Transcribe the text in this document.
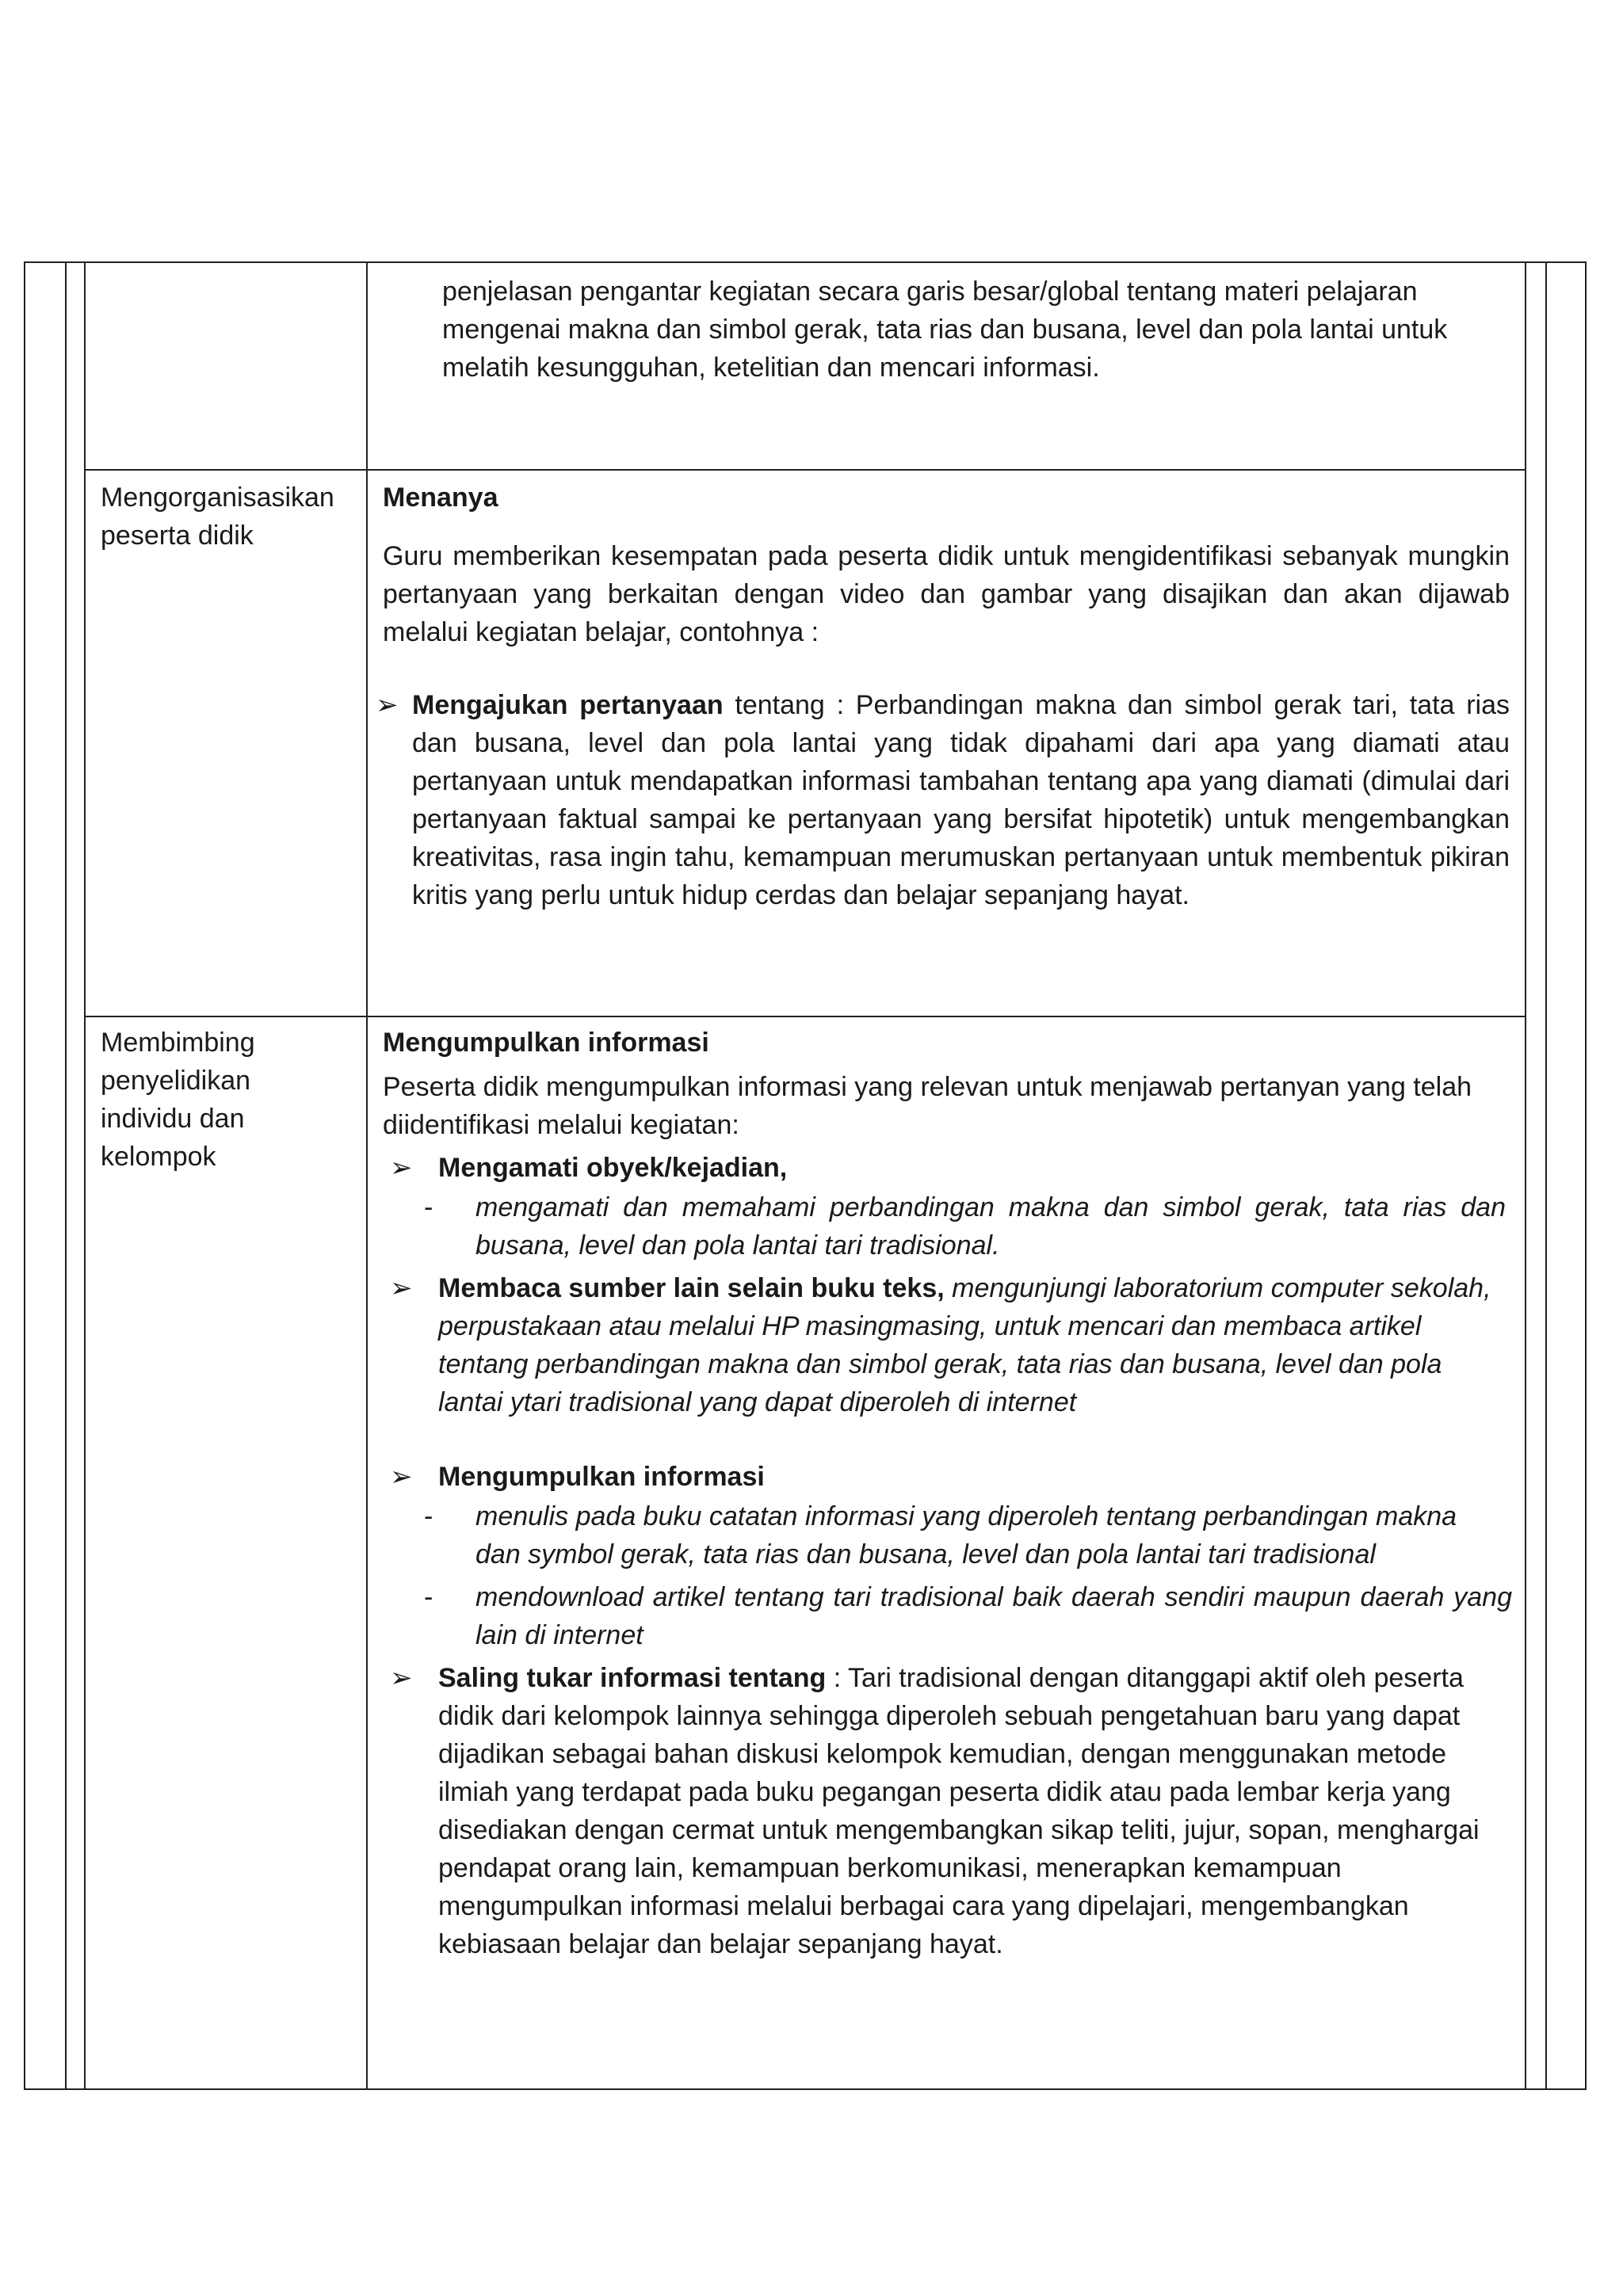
penjelasan pengantar kegiatan secara garis besar/global tentang materi pelajaran mengenai makna dan simbol gerak, tata rias dan busana, level dan pola lantai untuk melatih kesungguhan, ketelitian dan mencari informasi.
Mengorganisasikan peserta didik
Menanya
Guru memberikan kesempatan pada peserta didik untuk mengidentifikasi sebanyak mungkin pertanyaan yang berkaitan dengan video dan gambar yang disajikan dan akan dijawab melalui kegiatan belajar, contohnya :
➢ Mengajukan pertanyaan tentang : Perbandingan makna dan simbol gerak tari, tata rias dan busana, level dan pola lantai yang tidak dipahami dari apa yang diamati atau pertanyaan untuk mendapatkan informasi tambahan tentang apa yang diamati (dimulai dari pertanyaan faktual sampai ke pertanyaan yang bersifat hipotetik) untuk mengembangkan kreativitas, rasa ingin tahu, kemampuan merumuskan pertanyaan untuk membentuk pikiran kritis yang perlu untuk hidup cerdas dan belajar sepanjang hayat.
Membimbing
penyelidikan
individu dan
kelompok
Mengumpulkan informasi
Peserta didik mengumpulkan informasi yang relevan untuk menjawab pertanyan yang telah diidentifikasi melalui kegiatan:
➢ Mengamati obyek/kejadian,
- mengamati dan memahami perbandingan makna dan simbol gerak, tata rias dan busana, level dan pola lantai tari tradisional.
➢ Membaca sumber lain selain buku teks, mengunjungi laboratorium computer sekolah, perpustakaan atau melalui HP masingmasing, untuk mencari dan membaca artikel tentang perbandingan makna dan simbol gerak, tata rias dan busana, level dan pola lantai ytari tradisional yang dapat diperoleh di internet
➢ Mengumpulkan informasi
- menulis pada buku catatan informasi yang diperoleh tentang perbandingan makna dan symbol gerak, tata rias dan busana, level dan pola lantai tari tradisional
- mendownload artikel tentang tari tradisional baik daerah sendiri maupun daerah yang lain di internet
➢ Saling tukar informasi tentang : Tari tradisional dengan ditanggapi aktif oleh peserta didik dari kelompok lainnya sehingga diperoleh sebuah pengetahuan baru yang dapat dijadikan sebagai bahan diskusi kelompok kemudian, dengan menggunakan metode ilmiah yang terdapat pada buku pegangan peserta didik atau pada lembar kerja yang disediakan dengan cermat untuk mengembangkan sikap teliti, jujur, sopan, menghargai pendapat orang lain, kemampuan berkomunikasi, menerapkan kemampuan mengumpulkan informasi melalui berbagai cara yang dipelajari, mengembangkan kebiasaan belajar dan belajar sepanjang hayat.
